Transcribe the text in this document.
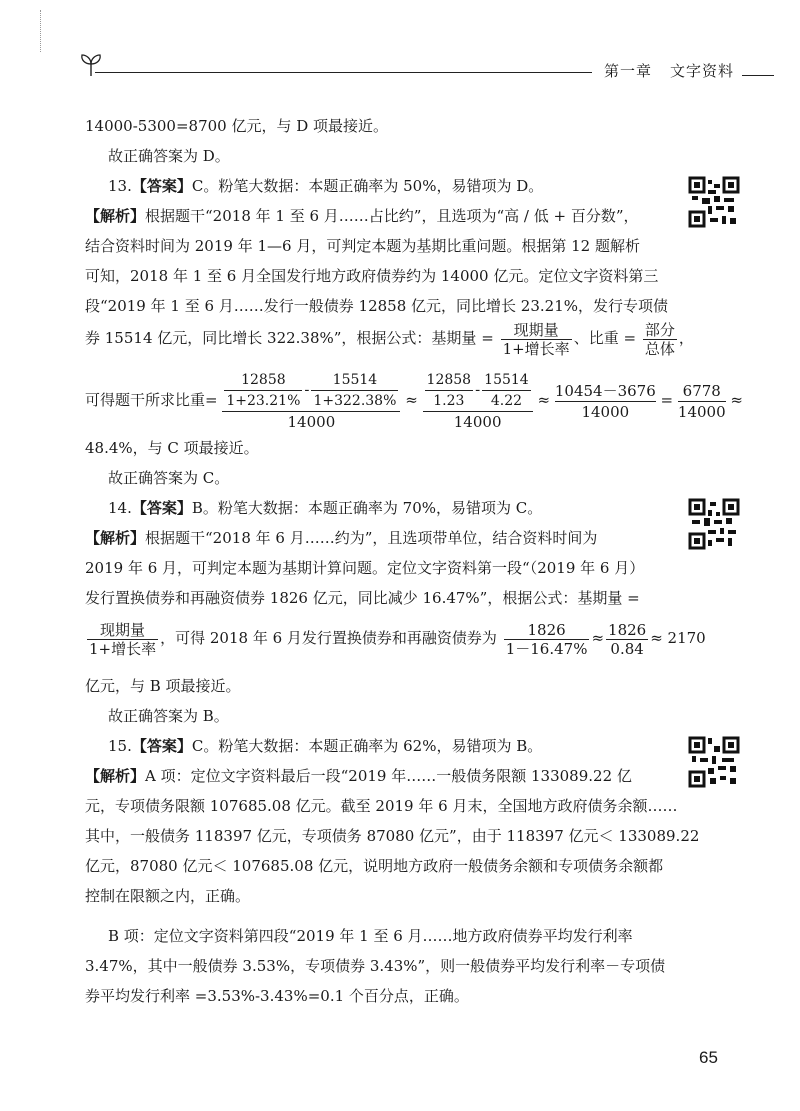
第一章 文字资料
14000-5300=8700 亿元，与 D 项最接近。
故正确答案为 D。
13.【答案】C。粉笔大数据：本题正确率为 50%，易错项为 D。
【解析】根据题干“2018 年 1 至 6 月……占比约”，且选项为“高 / 低 + 百分数”，
结合资料时间为 2019 年 1—6 月，可判定本题为基期比重问题。根据第 12 题解析
可知，2018 年 1 至 6 月全国发行地方政府债券约为 14000 亿元。定位文字资料第三
段“2019 年 1 至 6 月……发行一般债券 12858 亿元，同比增长 23.21%，发行专项债
券 15514 亿元，同比增长 322.38%”，根据公式：基期量 = $\frac{\text{现期量}}{\text{1+增长率}}$ 、比重 = $\frac{\text{部分}}{\text{总体}}$ ，
可得题干所求比重= $\frac{\frac{12858}{1+23.21\%} - \frac{15514}{1+322.38\%}}{14000} \approx \frac{\frac{12858}{1.23} - \frac{15514}{4.22}}{14000} \approx \frac{10454-3676}{14000} = \frac{6778}{14000}$ ≈
48.4%，与 C 项最接近。
故正确答案为 C。
14.【答案】B。粉笔大数据：本题正确率为 70%，易错项为 C。
【解析】根据题干“2018 年 6 月……约为”，且选项带单位，结合资料时间为
2019 年 6 月，可判定本题为基期计算问题。定位文字资料第一段“（2019 年 6 月）
发行置换债券和再融资债券 1826 亿元，同比减少 16.47%”，根据公式：基期量 =
$\frac{\text{现期量}}{\text{1+增长率}}$ ，可得 2018 年 6 月发行置换债券和再融资债券为 $\frac{1826}{1-16.47\%} \approx \frac{1826}{0.84} \approx 2170$
亿元，与 B 项最接近。
故正确答案为 B。
15.【答案】C。粉笔大数据：本题正确率为 62%，易错项为 B。
【解析】A 项：定位文字资料最后一段“2019 年……一般债务限额 133089.22 亿
元，专项债务限额 107685.08 亿元。截至 2019 年 6 月末，全国地方政府债务余额……
其中，一般债务 118397 亿元，专项债务 87080 亿元”，由于 118397 亿元＜ 133089.22
亿元，87080 亿元＜ 107685.08 亿元，说明地方政府一般债务余额和专项债务余额都
控制在限额之内，正确。
B 项：定位文字资料第四段“2019 年 1 至 6 月……地方政府债券平均发行利率
3.47%，其中一般债券 3.53%，专项债券 3.43%”，则一般债券平均发行利率－专项债
券平均发行利率 =3.53%-3.43%=0.1 个百分点，正确。
65
